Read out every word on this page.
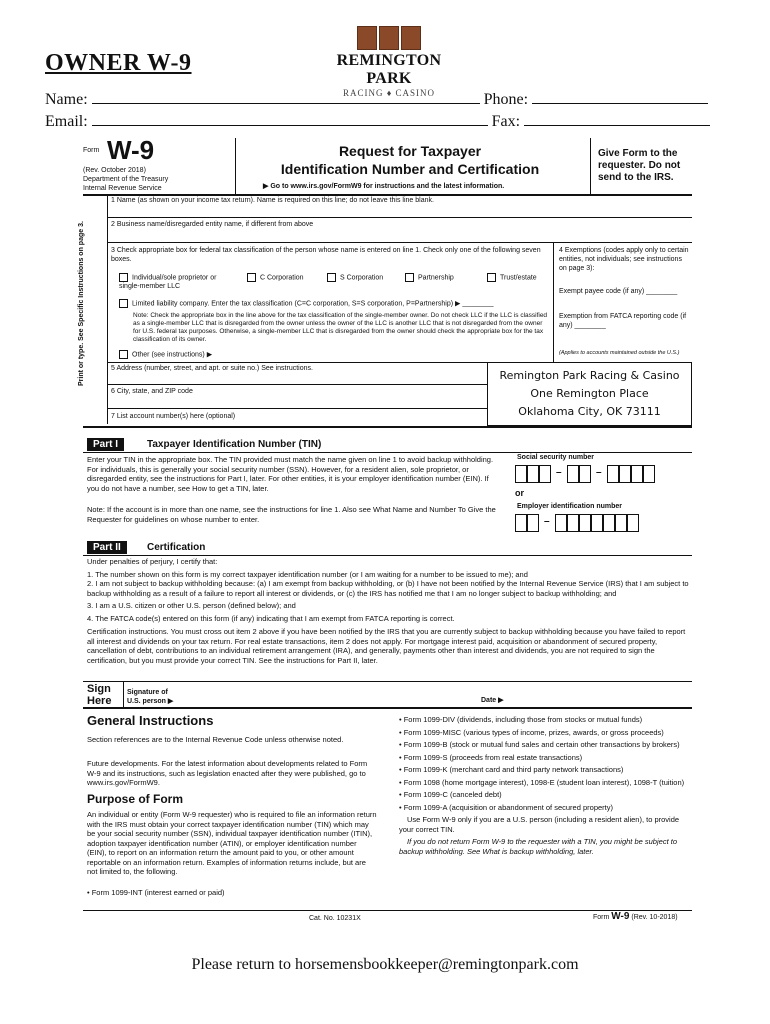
OWNER W-9	REMINGTON PARK
RACING ♦ CASINO
Name:	Phone:
Email:	Fax:
Form W-9
(Rev. October 2018)
Department of the Treasury
Internal Revenue Service
Request for Taxpayer
Identification Number and Certification
▶ Go to www.irs.gov/FormW9 for instructions and the latest information.
Give Form to the requester. Do not send to the IRS.
Print or type. See Specific Instructions on page 3.
1 Name (as shown on your income tax return). Name is required on this line; do not leave this line blank.
2 Business name/disregarded entity name, if different from above
3 Check appropriate box for federal tax classification of the person whose name is entered on line 1. Check only one of the following seven boxes.
Individual/sole proprietor or single-member LLC
C Corporation	S Corporation	Partnership	Trust/estate
Limited liability company. Enter the tax classification (C=C corporation, S=S corporation, P=Partnership) ▶ ________
Note: Check the appropriate box in the line above for the tax classification of the single-member owner. Do not check LLC if the LLC is classified as a single-member LLC that is disregarded from the owner unless the owner of the LLC is another LLC that is not disregarded from the owner for U.S. federal tax purposes. Otherwise, a single-member LLC that is disregarded from the owner should check the appropriate box for the tax classification of its owner.
Other (see instructions) ▶
4 Exemptions (codes apply only to certain entities, not individuals; see instructions on page 3):
Exempt payee code (if any) ________
Exemption from FATCA reporting code (if any) ________
(Applies to accounts maintained outside the U.S.)
5 Address (number, street, and apt. or suite no.) See instructions.
6 City, state, and ZIP code
7 List account number(s) here (optional)
Remington Park Racing & Casino
One Remington Place
Oklahoma City, OK 73111
Part I	Taxpayer Identification Number (TIN)
Enter your TIN in the appropriate box. The TIN provided must match the name given on line 1 to avoid backup withholding. For individuals, this is generally your social security number (SSN). However, for a resident alien, sole proprietor, or disregarded entity, see the instructions for Part I, later. For other entities, it is your employer identification number (EIN). If you do not have a number, see How to get a TIN, later.
Note: If the account is in more than one name, see the instructions for line 1. Also see What Name and Number To Give the Requester for guidelines on whose number to enter.
Social security number
–	–
or
Employer identification number
–
Part II	Certification
Under penalties of perjury, I certify that:
1. The number shown on this form is my correct taxpayer identification number (or I am waiting for a number to be issued to me); and
2. I am not subject to backup withholding because: (a) I am exempt from backup withholding, or (b) I have not been notified by the Internal Revenue Service (IRS) that I am subject to backup withholding as a result of a failure to report all interest or dividends, or (c) the IRS has notified me that I am no longer subject to backup withholding; and
3. I am a U.S. citizen or other U.S. person (defined below); and
4. The FATCA code(s) entered on this form (if any) indicating that I am exempt from FATCA reporting is correct.
Certification instructions. You must cross out item 2 above if you have been notified by the IRS that you are currently subject to backup withholding because you have failed to report all interest and dividends on your tax return. For real estate transactions, item 2 does not apply. For mortgage interest paid, acquisition or abandonment of secured property, cancellation of debt, contributions to an individual retirement arrangement (IRA), and generally, payments other than interest and dividends, you are not required to sign the certification, but you must provide your correct TIN. See the instructions for Part II, later.
Sign Here
Signature of U.S. person ▶	Date ▶
General Instructions
Section references are to the Internal Revenue Code unless otherwise noted.
Future developments. For the latest information about developments related to Form W-9 and its instructions, such as legislation enacted after they were published, go to www.irs.gov/FormW9.
Purpose of Form
An individual or entity (Form W-9 requester) who is required to file an information return with the IRS must obtain your correct taxpayer identification number (TIN) which may be your social security number (SSN), individual taxpayer identification number (ITIN), adoption taxpayer identification number (ATIN), or employer identification number (EIN), to report on an information return the amount paid to you, or other amount reportable on an information return. Examples of information returns include, but are not limited to, the following.
• Form 1099-INT (interest earned or paid)
• Form 1099-DIV (dividends, including those from stocks or mutual funds)
• Form 1099-MISC (various types of income, prizes, awards, or gross proceeds)
• Form 1099-B (stock or mutual fund sales and certain other transactions by brokers)
• Form 1099-S (proceeds from real estate transactions)
• Form 1099-K (merchant card and third party network transactions)
• Form 1098 (home mortgage interest), 1098-E (student loan interest), 1098-T (tuition)
• Form 1099-C (canceled debt)
• Form 1099-A (acquisition or abandonment of secured property)
Use Form W-9 only if you are a U.S. person (including a resident alien), to provide your correct TIN.
If you do not return Form W-9 to the requester with a TIN, you might be subject to backup withholding. See What is backup withholding, later.
Cat. No. 10231X	Form W-9 (Rev. 10-2018)
Please return to horsemensbookkeeper@remingtonpark.com
